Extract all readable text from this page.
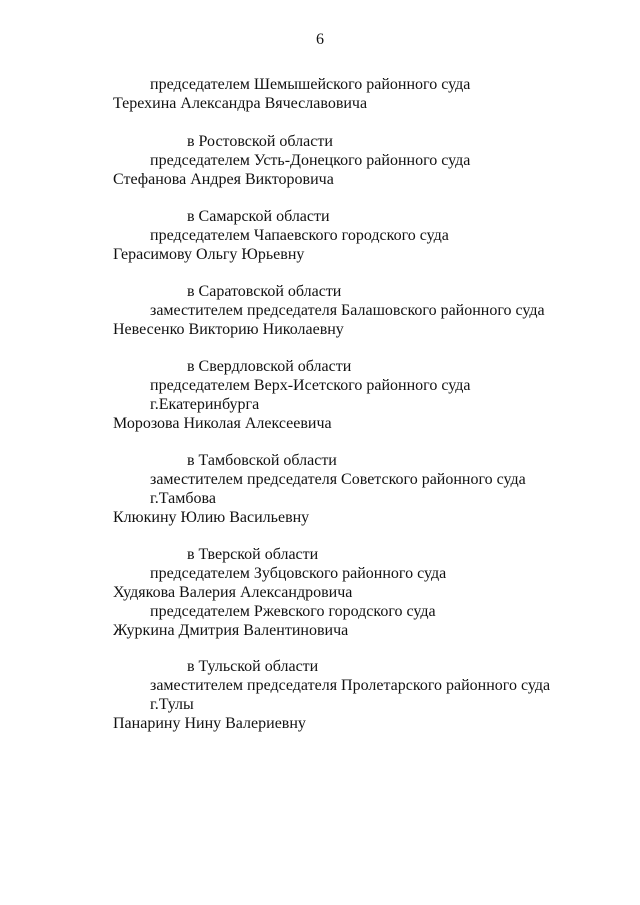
6
председателем Шемышейского районного суда
Терехина Александра Вячеславовича
в Ростовской области
председателем Усть-Донецкого районного суда
Стефанова Андрея Викторовича
в Самарской области
председателем Чапаевского городского суда
Герасимову Ольгу Юрьевну
в Саратовской области
заместителем председателя Балашовского районного суда
Невесенко Викторию Николаевну
в Свердловской области
председателем Верх-Исетского районного суда
г.Екатеринбурга
Морозова Николая Алексеевича
в Тамбовской области
заместителем председателя Советского районного суда
г.Тамбова
Клюкину Юлию Васильевну
в Тверской области
председателем Зубцовского районного суда
Худякова Валерия Александровича
председателем Ржевского городского суда
Журкина Дмитрия Валентиновича
в Тульской области
заместителем председателя Пролетарского районного суда
г.Тулы
Панарину Нину Валериевну
